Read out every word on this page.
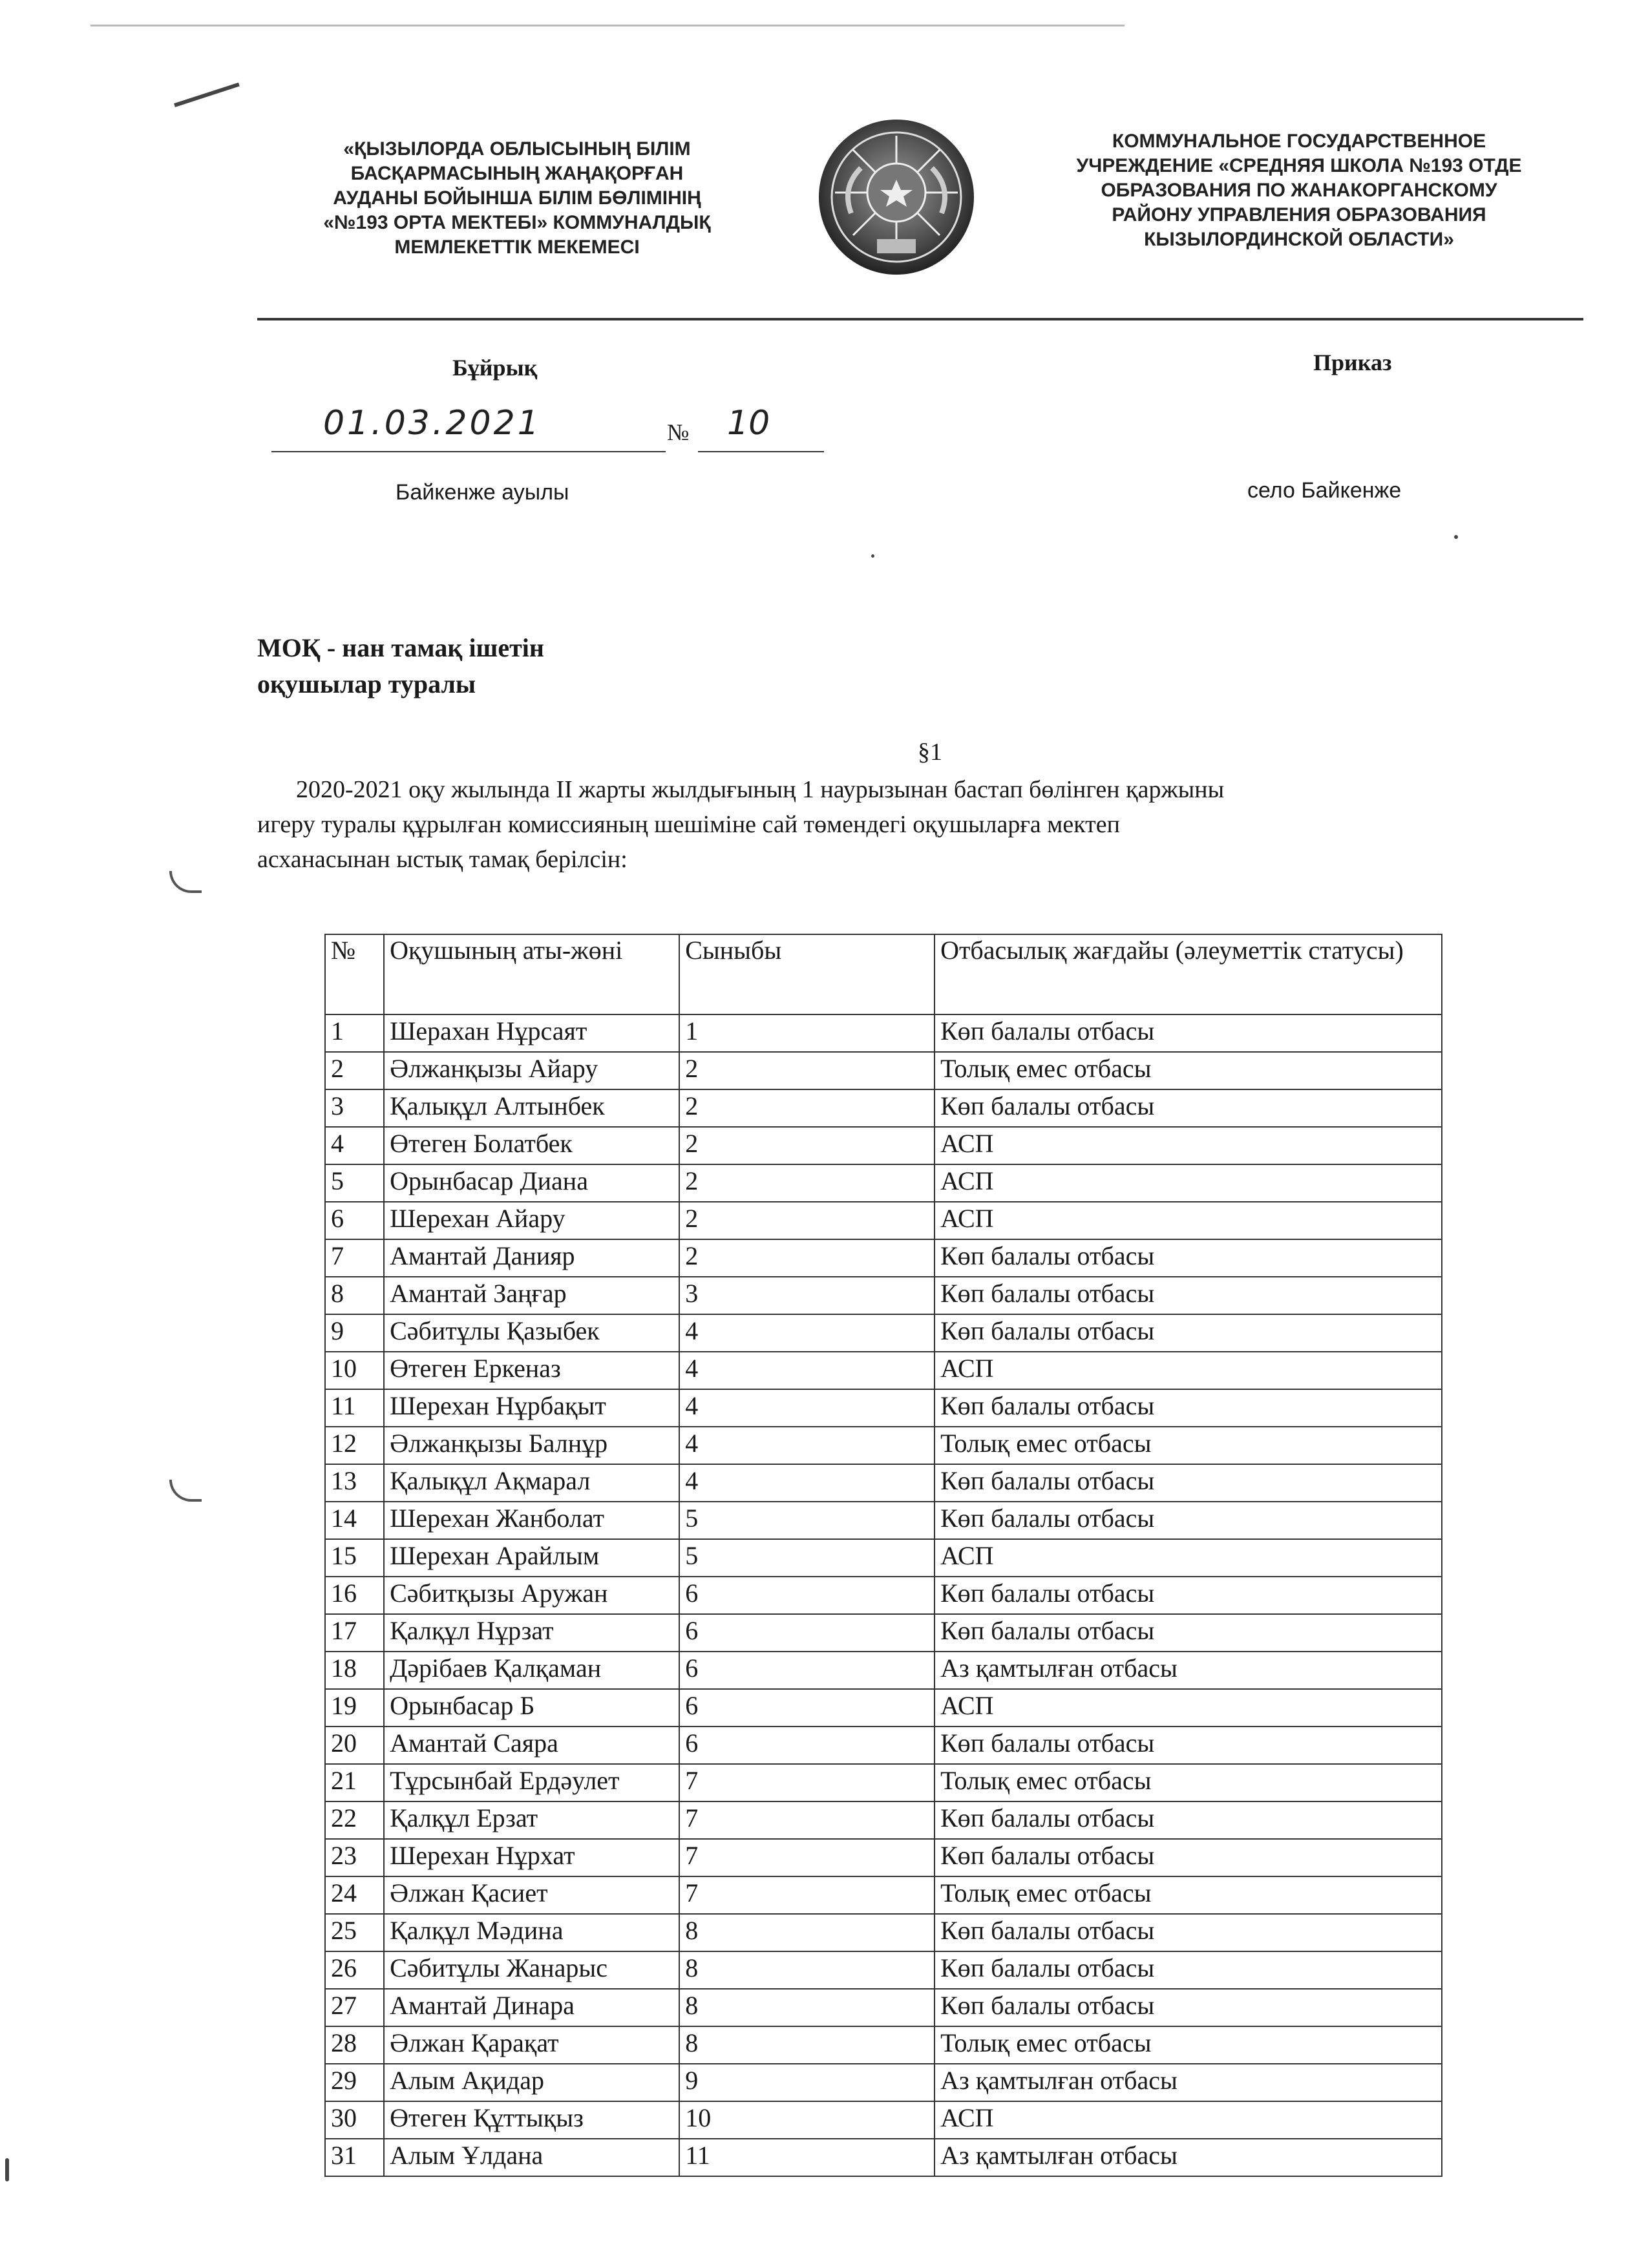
«ҚЫЗЫЛОРДА ОБЛЫСЫНЫҢ БІЛІМ
БАСҚАРМАСЫНЫҢ ЖАҢАҚОРҒАН
АУДАНЫ БОЙЫНША БІЛІМ БӨЛІМІНІҢ
«№193 ОРТА МЕКТЕБІ» КОММУНАЛДЫҚ
МЕМЛЕКЕТТІК МЕКЕМЕСІ
КОММУНАЛЬНОЕ ГОСУДАРСТВЕННОЕ
УЧРЕЖДЕНИЕ «СРЕДНЯЯ ШКОЛА №193 ОТДЕ
ОБРАЗОВАНИЯ ПО ЖАНАКОРГАНСКОМУ
РАЙОНУ УПРАВЛЕНИЯ ОБРАЗОВАНИЯ
КЫЗЫЛОРДИНСКОЙ ОБЛАСТИ»
Бұйрық	Приказ
01.03.2021	№ 10
Байкенже ауылы	село Байкенже
МОҚ - нан тамақ ішетін
оқушылар туралы
§1

2020-2021 оқу жылында ІІ жарты жылдығының 1 наурызынан бастап бөлінген қаржыны

игеру туралы құрылған комиссияның шешіміне сай төмендегі оқушыларға мектеп

асханасынан ыстық тамақ берілсін:

№	Оқушының аты-жөні	Сыныбы	Отбасылық жағдайы (әлеуметтік статусы)
1	Шерахан Нұрсаят	1	Көп балалы отбасы
2	Әлжанқызы Айару	2	Толық емес отбасы
3	Қалықұл Алтынбек	2	Көп балалы отбасы
4	Өтеген Болатбек	2	АСП
5	Орынбасар Диана	2	АСП
6	Шерехан Айару	2	АСП
7	Амантай Данияр	2	Көп балалы отбасы
8	Амантай Заңғар	3	Көп балалы отбасы
9	Сәбитұлы Қазыбек	4	Көп балалы отбасы
10	Өтеген Еркеназ	4	АСП
11	Шерехан Нұрбақыт	4	Көп балалы отбасы
12	Әлжанқызы Балнұр	4	Толық емес отбасы
13	Қалықұл Ақмарал	4	Көп балалы отбасы
14	Шерехан Жанболат	5	Көп балалы отбасы
15	Шерехан Арайлым	5	АСП
16	Сәбитқызы Аружан	6	Көп балалы отбасы
17	Қалқұл Нұрзат	6	Көп балалы отбасы
18	Дәрібаев Қалқаман	6	Аз қамтылған отбасы
19	Орынбасар Б	6	АСП
20	Амантай Саяра	6	Көп балалы отбасы
21	Тұрсынбай Ердәулет	7	Толық емес отбасы
22	Қалқұл Ерзат	7	Көп балалы отбасы
23	Шерехан Нұрхат	7	Көп балалы отбасы
24	Әлжан Қасиет	7	Толық емес отбасы
25	Қалқұл Мәдина	8	Көп балалы отбасы
26	Сәбитұлы Жанарыс	8	Көп балалы отбасы
27	Амантай Динара	8	Көп балалы отбасы
28	Әлжан Қарақат	8	Толық емес отбасы
29	Алым Ақидар	9	Аз қамтылған отбасы
30	Өтеген Құттықыз	10	АСП
31	Алым Ұлдана	11	Аз қамтылған отбасы
